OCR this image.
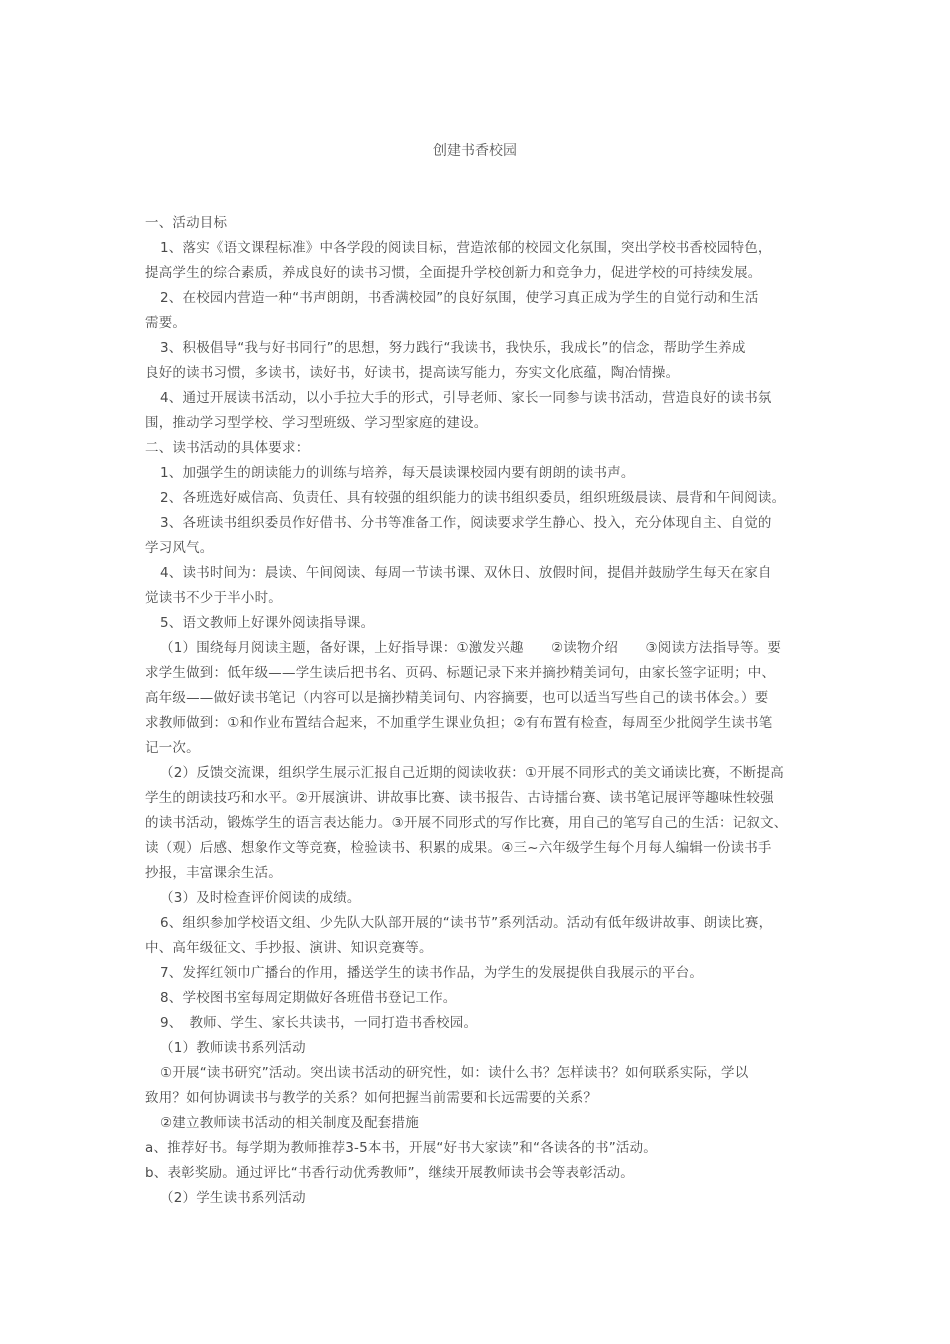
创建书香校园

一、活动目标

1、落实《语文课程标准》中各学段的阅读目标，营造浓郁的校园文化氛围，突出学校书香校园特色，

提高学生的综合素质，养成良好的读书习惯，全面提升学校创新力和竞争力，促进学校的可持续发展。

2、在校园内营造一种“书声朗朗，书香满校园”的良好氛围，使学习真正成为学生的自觉行动和生活

需要。

3、积极倡导“我与好书同行”的思想，努力践行“我读书，我快乐，我成长”的信念，帮助学生养成

良好的读书习惯，多读书，读好书，好读书，提高读写能力，夯实文化底蕴，陶冶情操。

4、通过开展读书活动，以小手拉大手的形式，引导老师、家长一同参与读书活动，营造良好的读书氛

围，推动学习型学校、学习型班级、学习型家庭的建设。

二、读书活动的具体要求：

1、加强学生的朗读能力的训练与培养，每天晨读课校园内要有朗朗的读书声。

2、各班选好威信高、负责任、具有较强的组织能力的读书组织委员，组织班级晨读、晨背和午间阅读。

3、各班读书组织委员作好借书、分书等准备工作，阅读要求学生静心、投入，充分体现自主、自觉的

学习风气。

4、读书时间为：晨读、午间阅读、每周一节读书课、双休日、放假时间，提倡并鼓励学生每天在家自

觉读书不少于半小时。

5、语文教师上好课外阅读指导课。

（1）围绕每月阅读主题，备好课，上好指导课：①激发兴趣　　②读物介绍　　③阅读方法指导等。要

求学生做到：低年级——学生读后把书名、页码、标题记录下来并摘抄精美词句，由家长签字证明；中、

高年级——做好读书笔记（内容可以是摘抄精美词句、内容摘要，也可以适当写些自己的读书体会。）要

求教师做到：①和作业布置结合起来，不加重学生课业负担；②有布置有检查，每周至少批阅学生读书笔

记一次。

（2）反馈交流课，组织学生展示汇报自己近期的阅读收获：①开展不同形式的美文诵读比赛，不断提高

学生的朗读技巧和水平。②开展演讲、讲故事比赛、读书报告、古诗擂台赛、读书笔记展评等趣味性较强

的读书活动，锻炼学生的语言表达能力。③开展不同形式的写作比赛，用自己的笔写自己的生活：记叙文、

读（观）后感、想象作文等竞赛，检验读书、积累的成果。④三~六年级学生每个月每人编辑一份读书手

抄报，丰富课余生活。

（3）及时检查评价阅读的成绩。

6、组织参加学校语文组、少先队大队部开展的“读书节”系列活动。活动有低年级讲故事、朗读比赛，

中、高年级征文、手抄报、演讲、知识竞赛等。

7、发挥红领巾广播台的作用，播送学生的读书作品，为学生的发展提供自我展示的平台。

8、学校图书室每周定期做好各班借书登记工作。

9、　教师、学生、家长共读书，一同打造书香校园。

（1）教师读书系列活动

①开展“读书研究”活动。突出读书活动的研究性，如：读什么书？怎样读书？如何联系实际，学以

致用？如何协调读书与教学的关系？如何把握当前需要和长远需要的关系？

②建立教师读书活动的相关制度及配套措施

a、推荐好书。每学期为教师推荐3-5本书，开展“好书大家读”和“各读各的书”活动。

b、表彰奖励。通过评比“书香行动优秀教师”，继续开展教师读书会等表彰活动。

（2）学生读书系列活动
